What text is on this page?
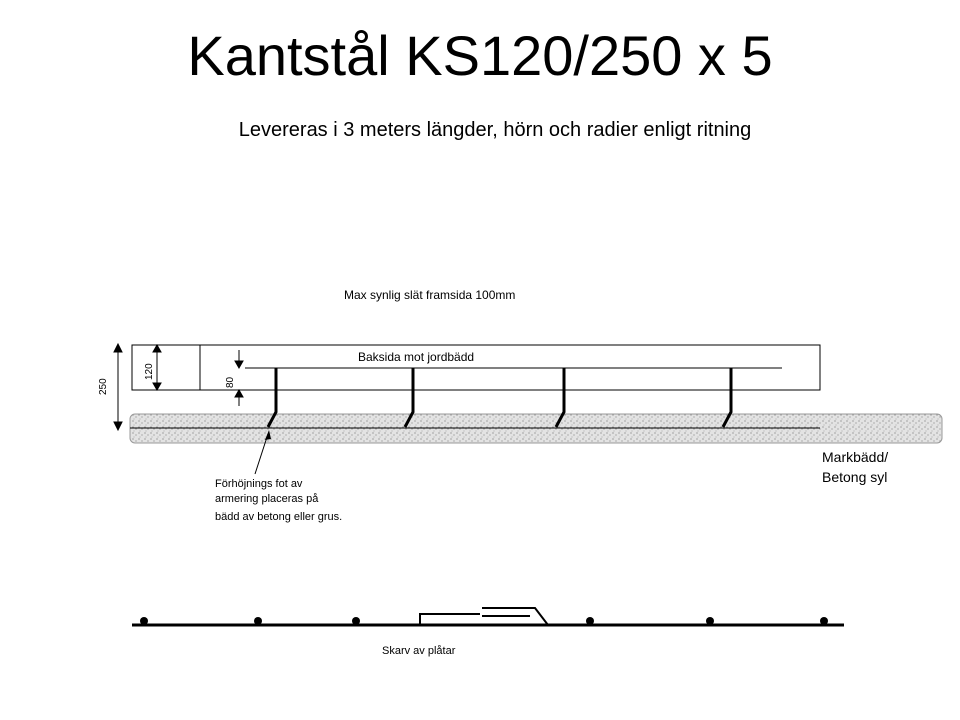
Kantstål KS120/250 x 5
Levereras i 3 meters längder, hörn och radier enligt ritning
Max synlig slät framsida 100mm
Baksida mot jordbädd
250
120
80
Markbädd/
Betong syl
Förhöjnings fot av
armering placeras på
bädd av betong eller grus.
Skarv av plåtar
